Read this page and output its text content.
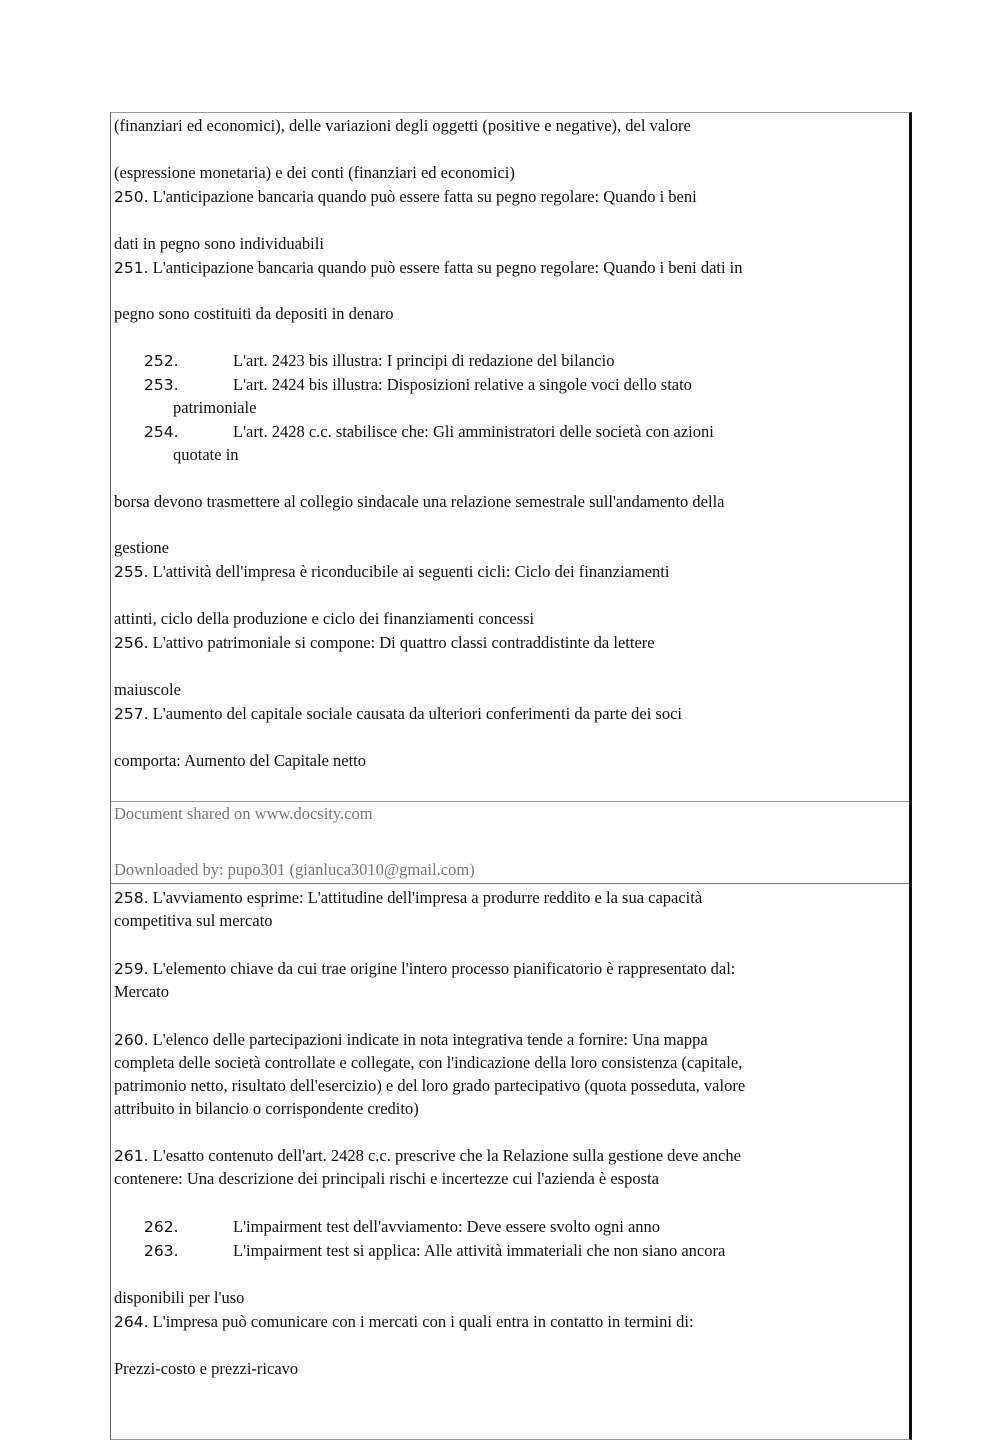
(finanziari ed economici), delle variazioni degli oggetti (positive e negative), del valore
(espressione monetaria) e dei conti (finanziari ed economici)
250. L'anticipazione bancaria quando può essere fatta su pegno regolare: Quando i beni
dati in pegno sono individuabili
251. L'anticipazione bancaria quando può essere fatta su pegno regolare: Quando i beni dati in
pegno sono costituiti da depositi in denaro
252.	L'art. 2423 bis illustra: I principi di redazione del bilancio
253.	L'art. 2424 bis illustra: Disposizioni relative a singole voci dello stato
patrimoniale
254.	L'art. 2428 c.c. stabilisce che: Gli amministratori delle società con azioni
quotate in
borsa devono trasmettere al collegio sindacale una relazione semestrale sull'andamento della
gestione
255. L'attività dell'impresa è riconducibile ai seguenti cicli: Ciclo dei finanziamenti
attinti, ciclo della produzione e ciclo dei finanziamenti concessi
256. L'attivo patrimoniale si compone: Di quattro classi contraddistinte da lettere
maiuscole
257. L'aumento del capitale sociale causata da ulteriori conferimenti da parte dei soci
comporta: Aumento del Capitale netto
Document shared on www.docsity.com
Downloaded by: pupo301 (gianluca3010@gmail.com)
258. L'avviamento esprime: L'attitudine dell'impresa a produrre reddito e la sua capacità
competitiva sul mercato
259. L'elemento chiave da cui trae origine l'intero processo pianificatorio è rappresentato dal:
Mercato
260. L'elenco delle partecipazioni indicate in nota integrativa tende a fornire: Una mappa
completa delle società controllate e collegate, con l'indicazione della loro consistenza (capitale,
patrimonio netto, risultato dell'esercizio) e del loro grado partecipativo (quota posseduta, valore
attribuito in bilancio o corrispondente credito)
261. L'esatto contenuto dell'art. 2428 c.c. prescrive che la Relazione sulla gestione deve anche
contenere: Una descrizione dei principali rischi e incertezze cui l'azienda è esposta
262.	L'impairment test dell'avviamento: Deve essere svolto ogni anno
263.	L'impairment test si applica: Alle attività immateriali che non siano ancora
disponibili per l'uso
264. L'impresa può comunicare con i mercati con i quali entra in contatto in termini di:
Prezzi-costo e prezzi-ricavo
